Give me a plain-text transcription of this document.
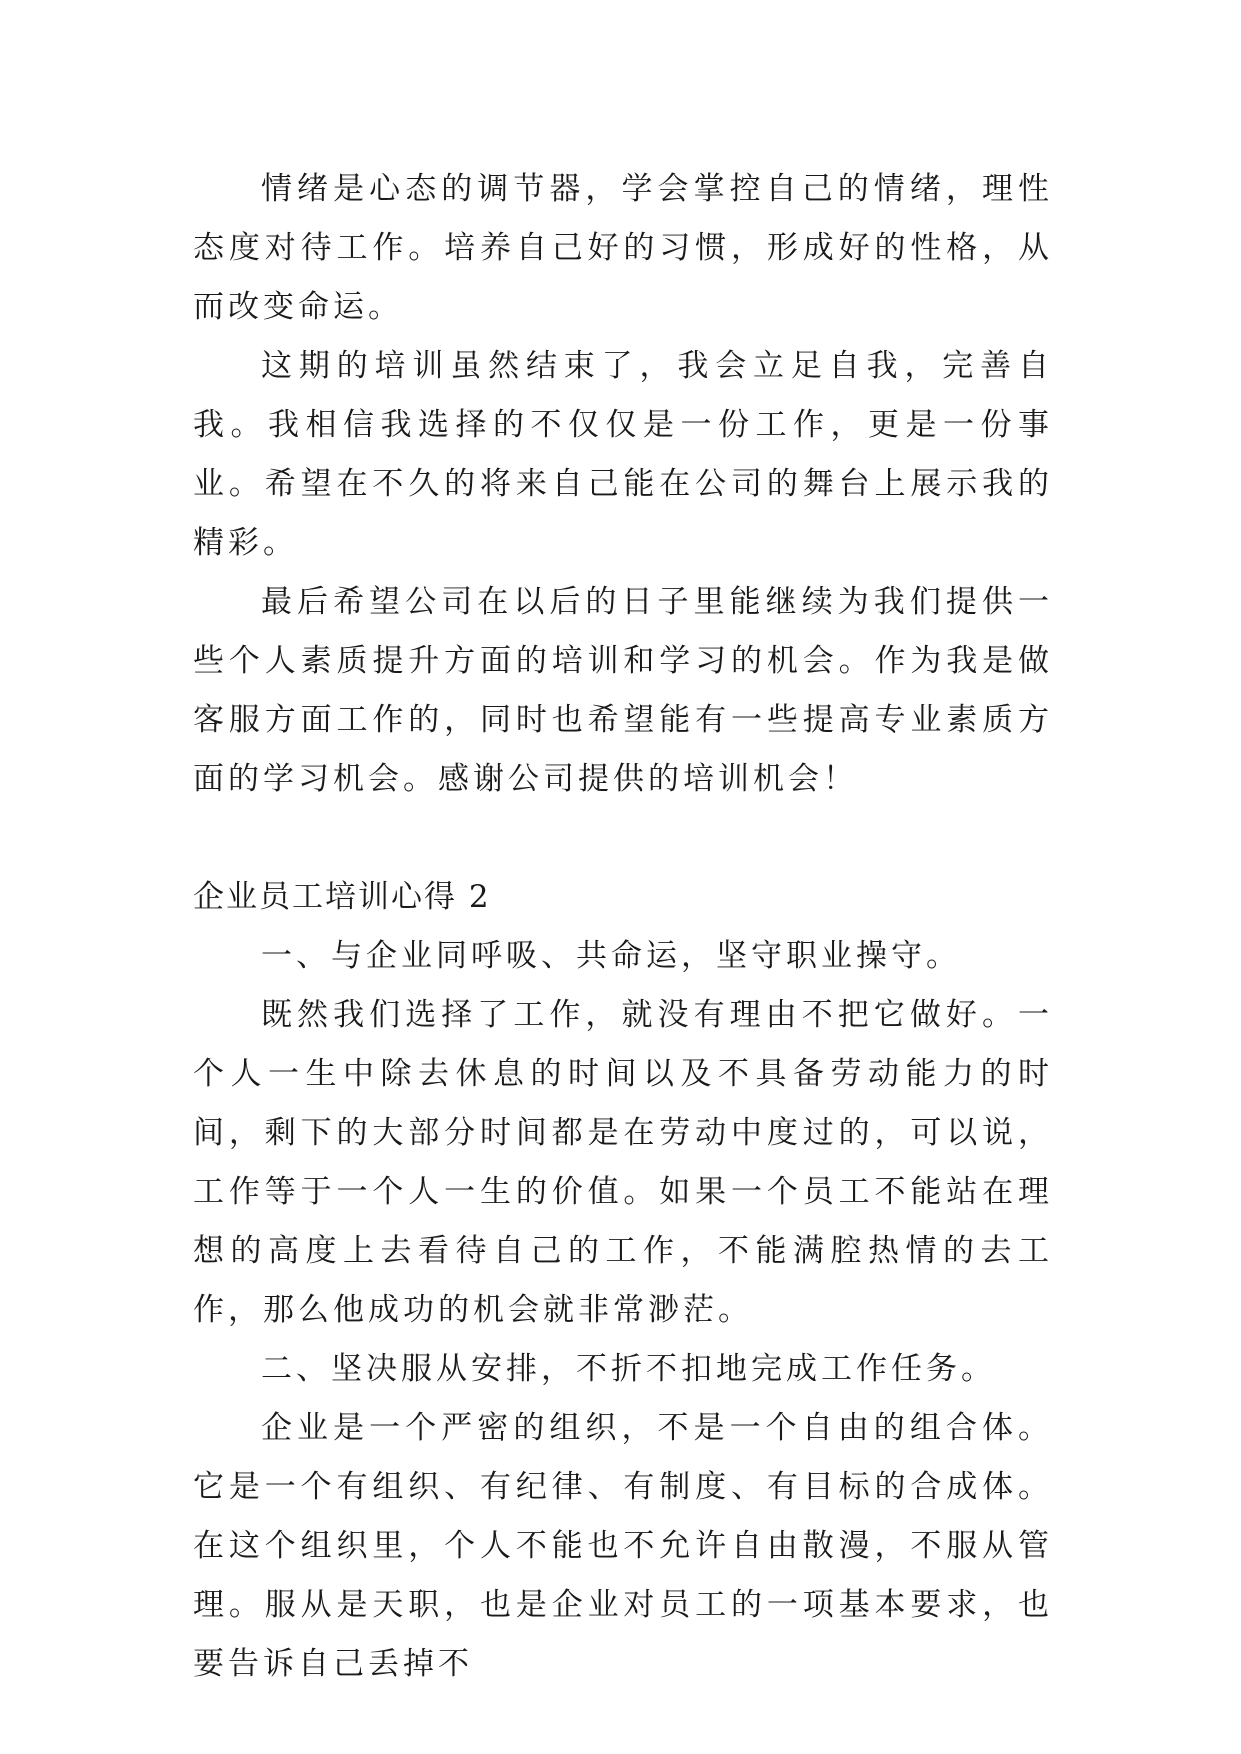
情绪是心态的调节器，学会掌控自己的情绪，理性态度对待工作。培养自己好的习惯，形成好的性格，从而改变命运。

这期的培训虽然结束了，我会立足自我，完善自我。我相信我选择的不仅仅是一份工作，更是一份事业。希望在不久的将来自己能在公司的舞台上展示我的精彩。

最后希望公司在以后的日子里能继续为我们提供一些个人素质提升方面的培训和学习的机会。作为我是做客服方面工作的，同时也希望能有一些提高专业素质方面的学习机会。感谢公司提供的培训机会！

企业员工培训心得 2

一、与企业同呼吸、共命运，坚守职业操守。

既然我们选择了工作，就没有理由不把它做好。一个人一生中除去休息的时间以及不具备劳动能力的时间，剩下的大部分时间都是在劳动中度过的，可以说，工作等于一个人一生的价值。如果一个员工不能站在理想的高度上去看待自己的工作，不能满腔热情的去工作，那么他成功的机会就非常渺茫。

二、坚决服从安排，不折不扣地完成工作任务。

企业是一个严密的组织，不是一个自由的组合体。它是一个有组织、有纪律、有制度、有目标的合成体。在这个组织里，个人不能也不允许自由散漫，不服从管理。服从是天职，也是企业对员工的一项基本要求，也要告诉自己丢掉不
